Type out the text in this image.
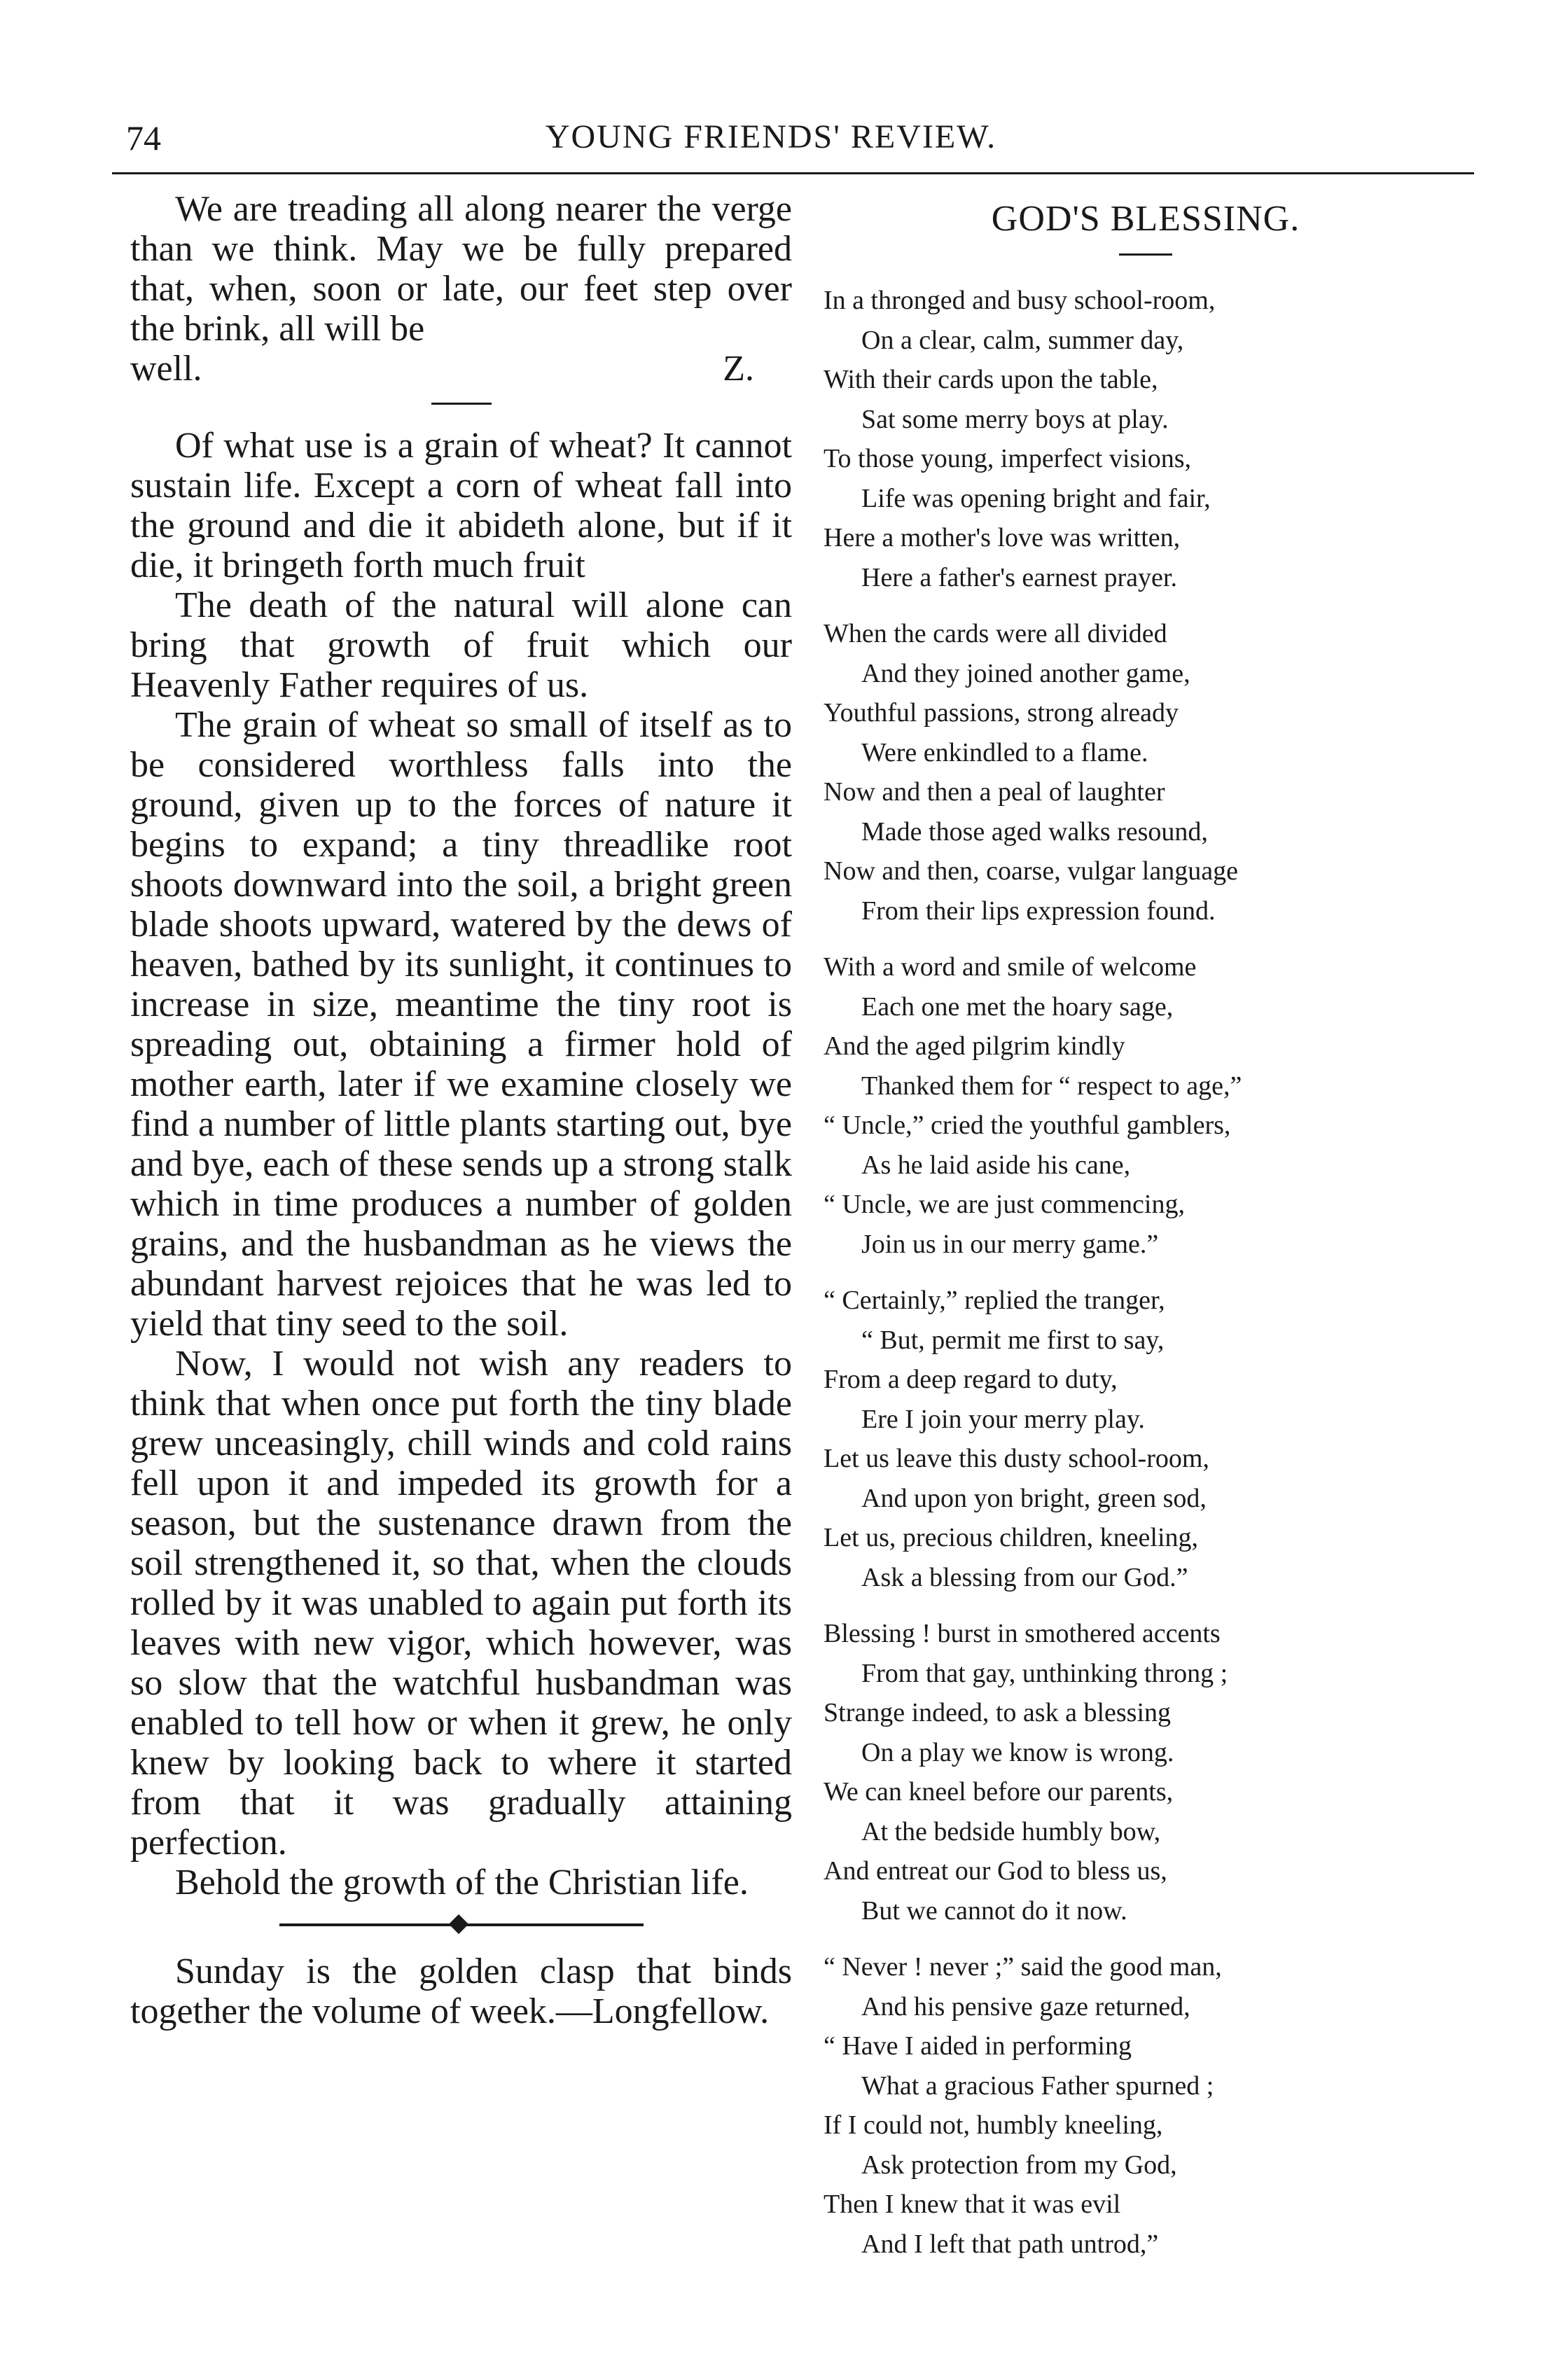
74	YOUNG FRIENDS' REVIEW.

We are treading all along nearer the verge than we think. May we be fully prepared that, when, soon or late, our feet step over the brink, all will be

well.	Z.

Of what use is a grain of wheat? It cannot sustain life. Except a corn of wheat fall into the ground and die it abideth alone, but if it die, it bringeth forth much fruit

The death of the natural will alone can bring that growth of fruit which our Heavenly Father requires of us.

The grain of wheat so small of itself as to be considered worthless falls into the ground, given up to the forces of nature it begins to expand; a tiny threadlike root shoots downward into the soil, a bright green blade shoots upward, watered by the dews of heaven, bathed by its sunlight, it continues to increase in size, meantime the tiny root is spreading out, obtaining a firmer hold of mother earth, later if we examine closely we find a number of little plants starting out, bye and bye, each of these sends up a strong stalk which in time produces a number of golden grains, and the husbandman as he views the abundant harvest rejoices that he was led to yield that tiny seed to the soil.

Now, I would not wish any readers to think that when once put forth the tiny blade grew unceasingly, chill winds and cold rains fell upon it and impeded its growth for a season, but the sustenance drawn from the soil strengthened it, so that, when the clouds rolled by it was unabled to again put forth its leaves with new vigor, which however, was so slow that the watchful husbandman was enabled to tell how or when it grew, he only knew by looking back to where it started from that it was gradually attaining perfection.

Behold the growth of the Christian life.

Sunday is the golden clasp that binds together the volume of week.—Longfellow.

GOD'S BLESSING.
In a thronged and busy school-room,
On a clear, calm, summer day,
With their cards upon the table,
Sat some merry boys at play.
To those young, imperfect visions,
Life was opening bright and fair,
Here a mother's love was written,
Here a father's earnest prayer.
When the cards were all divided
And they joined another game,
Youthful passions, strong already
Were enkindled to a flame.
Now and then a peal of laughter
Made those aged walks resound,
Now and then, coarse, vulgar language
From their lips expression found.
With a word and smile of welcome
Each one met the hoary sage,
And the aged pilgrim kindly
Thanked them for “ respect to age,”
“ Uncle,” cried the youthful gamblers,
As he laid aside his cane,
“ Uncle, we are just commencing,
Join us in our merry game.”
“ Certainly,” replied the tranger,
“ But, permit me first to say,
From a deep regard to duty,
Ere I join your merry play.
Let us leave this dusty school-room,
And upon yon bright, green sod,
Let us, precious children, kneeling,
Ask a blessing from our God.”
Blessing ! burst in smothered accents
From that gay, unthinking throng ;
Strange indeed, to ask a blessing
On a play we know is wrong.
We can kneel before our parents,
At the bedside humbly bow,
And entreat our God to bless us,
But we cannot do it now.
“ Never ! never ;” said the good man,
And his pensive gaze returned,
“ Have I aided in performing
What a gracious Father spurned ;
If I could not, humbly kneeling,
Ask protection from my God,
Then I knew that it was evil
And I left that path untrod,”
